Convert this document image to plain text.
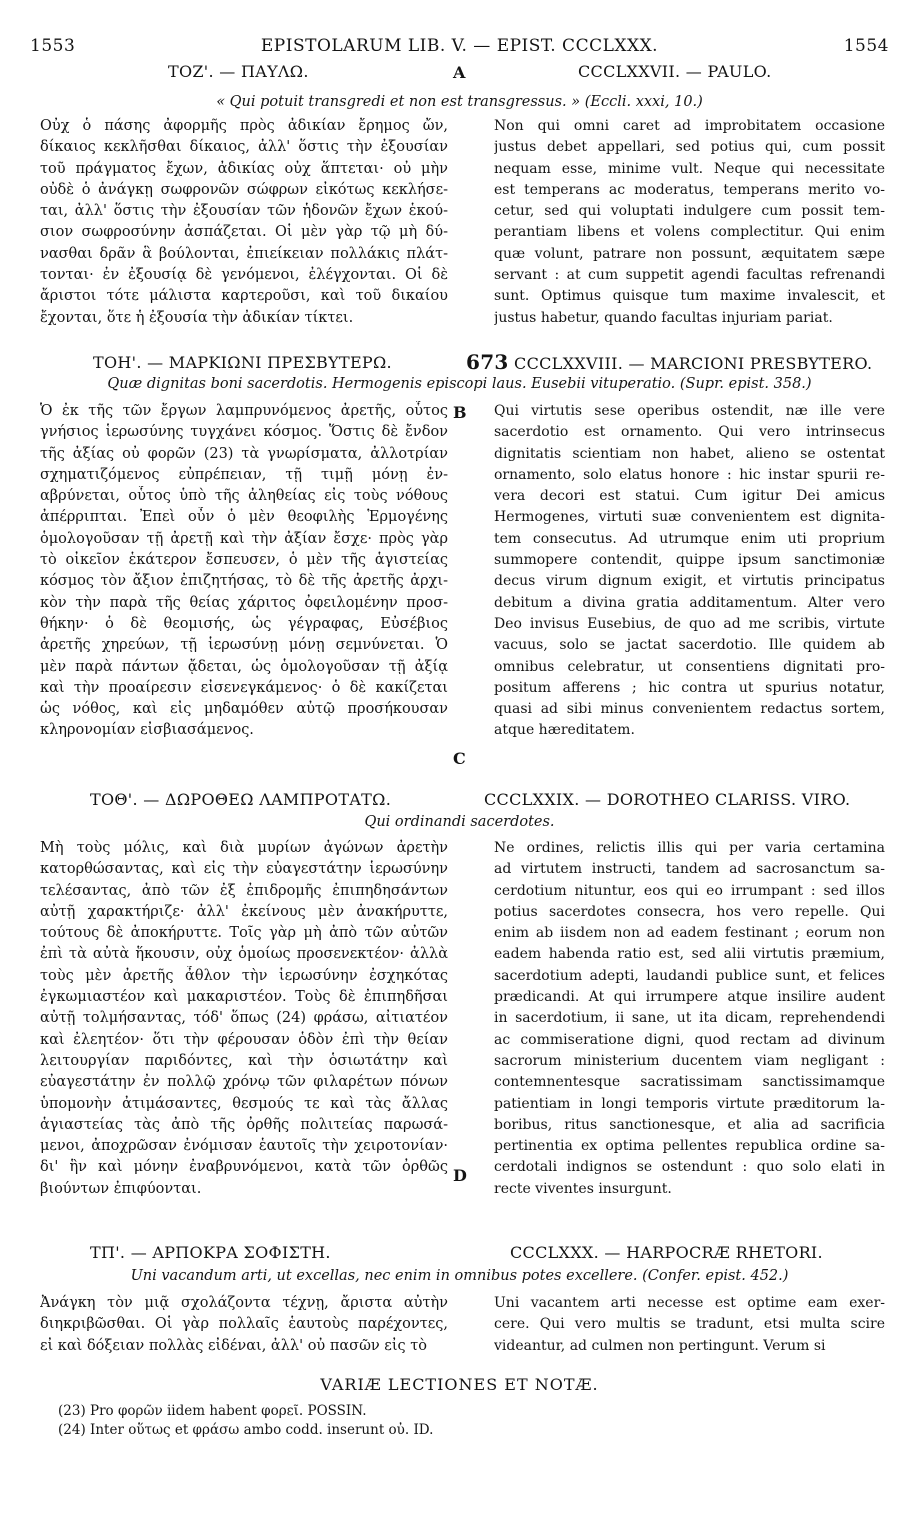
1553	EPISTOLARUM LIB. V. — EPIST. CCCLXXX.	1554
ΤΟΖ'. — ΠΑΥΛΩ.	A	CCCLXXVII. — PAULO.
« Qui potuit transgredi et non est transgressus. » (Eccli. xxxi, 10.)
Οὐχ ὁ πάσης ἀφορμῆς πρὸς ἀδικίαν ἔρημος ὤν,
δίκαιος κεκλῆσθαι δίκαιος, ἀλλ' ὅστις τὴν ἐξουσίαν
τοῦ πράγματος ἔχων, ἀδικίας οὐχ ἅπτεται· οὐ μὴν
οὐδὲ ὁ ἀνάγκῃ σωφρονῶν σώφρων εἰκότως κεκλήσε-
ται, ἀλλ' ὅστις τὴν ἐξουσίαν τῶν ἡδονῶν ἔχων ἑκού-
σιον σωφροσύνην ἀσπάζεται. Οἱ μὲν γὰρ τῷ μὴ δύ-
νασθαι δρᾶν ἃ βούλονται, ἐπιείκειαν πολλάκις πλάτ-
τονται· ἐν ἐξουσίᾳ δὲ γενόμενοι, ἐλέγχονται. Οἱ δὲ
ἄριστοι τότε μάλιστα καρτεροῦσι, καὶ τοῦ δικαίου
ἔχονται, ὅτε ἡ ἐξουσία τὴν ἀδικίαν τίκτει.
Non qui omni caret ad improbitatem occasione
justus debet appellari, sed potius qui, cum possit
nequam esse, minime vult. Neque qui necessitate
est temperans ac moderatus, temperans merito vo-
cetur, sed qui voluptati indulgere cum possit tem-
perantiam libens et volens complectitur. Qui enim
quæ volunt, patrare non possunt, æquitatem sæpe
servant : at cum suppetit agendi facultas refrenandi
sunt. Optimus quisque tum maxime invalescit, et
justus habetur, quando facultas injuriam pariat.
ΤΟΗ'. — ΜΑΡΚΙΩΝΙ ΠΡΕΣΒΥΤΕΡΩ.	673 CCCLXXVIII. — MARCIONI PRESBYTERO.
Quæ dignitas boni sacerdotis. Hermogenis episcopi laus. Eusebii vituperatio. (Supr. epist. 358.)
B
Ὁ ἐκ τῆς τῶν ἔργων λαμπρυνόμενος ἀρετῆς, οὗτος
γνήσιος ἱερωσύνης τυγχάνει κόσμος. Ὅστις δὲ ἔνδον
τῆς ἀξίας οὐ φορῶν (23) τὰ γνωρίσματα, ἀλλοτρίαν
σχηματιζόμενος εὐπρέπειαν, τῇ τιμῇ μόνῃ ἐν-
αβρύνεται, οὗτος ὑπὸ τῆς ἀληθείας εἰς τοὺς νόθους
ἀπέρριπται. Ἐπεὶ οὖν ὁ μὲν θεοφιλὴς Ἑρμογένης
ὁμολογοῦσαν τῇ ἀρετῇ καὶ τὴν ἀξίαν ἔσχε· πρὸς γὰρ
τὸ οἰκεῖον ἑκάτερον ἔσπευσεν, ὁ μὲν τῆς ἁγιστείας
κόσμος τὸν ἄξιον ἐπιζητήσας, τὸ δὲ τῆς ἀρετῆς ἀρχι-
κὸν τὴν παρὰ τῆς θείας χάριτος ὀφειλομένην προσ-
θήκην· ὁ δὲ θεομισής, ὡς γέγραφας, Εὐσέβιος
ἀρετῆς χηρεύων, τῇ ἱερωσύνῃ μόνῃ σεμνύνεται. Ὁ
μὲν παρὰ πάντων ᾄδεται, ὡς ὁμολογοῦσαν τῇ ἀξίᾳ
καὶ τὴν προαίρεσιν εἰσενεγκάμενος· ὁ δὲ κακίζεται
ὡς νόθος, καὶ εἰς μηδαμόθεν αὐτῷ προσήκουσαν
κληρονομίαν εἰσβιασάμενος.
Qui virtutis sese operibus ostendit, næ ille vere
sacerdotio est ornamento. Qui vero intrinsecus
dignitatis scientiam non habet, alieno se ostentat
ornamento, solo elatus honore : hic instar spurii re-
vera decori est statui. Cum igitur Dei amicus
Hermogenes, virtuti suæ convenientem est dignita-
tem consecutus. Ad utrumque enim uti proprium
summopere contendit, quippe ipsum sanctimoniæ
decus virum dignum exigit, et virtutis principatus
debitum a divina gratia additamentum. Alter vero
Deo invisus Eusebius, de quo ad me scribis, virtute
vacuus, solo se jactat sacerdotio. Ille quidem ab
omnibus celebratur, ut consentiens dignitati pro-
positum afferens ; hic contra ut spurius notatur,
quasi ad sibi minus convenientem redactus sortem,
atque hæreditatem.
C
ΤΟΘ'. — ΔΩΡΟΘΕΩ ΛΑΜΠΡΟΤΑΤΩ.	CCCLXXIX. — DOROTHEO CLARISS. VIRO.
Qui ordinandi sacerdotes.
Μὴ τοὺς μόλις, καὶ διὰ μυρίων ἀγώνων ἀρετὴν
κατορθώσαντας, καὶ εἰς τὴν εὐαγεστάτην ἱερωσύνην
τελέσαντας, ἀπὸ τῶν ἐξ ἐπιδρομῆς ἐπιπηδησάντων
αὐτῇ χαρακτήριζε· ἀλλ' ἐκείνους μὲν ἀνακήρυττε,
τούτους δὲ ἀποκήρυττε. Τοῖς γὰρ μὴ ἀπὸ τῶν αὐτῶν
ἐπὶ τὰ αὐτὰ ἥκουσιν, οὐχ ὁμοίως προσενεκτέον· ἀλλὰ
τοὺς μὲν ἀρετῆς ἆθλον τὴν ἱερωσύνην ἐσχηκότας
ἐγκωμιαστέον καὶ μακαριστέον. Τοὺς δὲ ἐπιπηδῆσαι
αὐτῇ τολμήσαντας, τόδ' ὅπως (24) φράσω, αἰτιατέον
καὶ ἐλεητέον· ὅτι τὴν φέρουσαν ὁδὸν ἐπὶ τὴν θείαν
λειτουργίαν παριδόντες, καὶ τὴν ὁσιωτάτην καὶ
εὐαγεστάτην ἐν πολλῷ χρόνῳ τῶν φιλαρέτων πόνων
ὑπομονὴν ἀτιμάσαντες, θεσμούς τε καὶ τὰς ἄλλας
ἁγιαστείας τὰς ἀπὸ τῆς ὀρθῆς πολιτείας παρωσά-
μενοι, ἀποχρῶσαν ἐνόμισαν ἑαυτοῖς τὴν χειροτονίαν·
δι' ἣν καὶ μόνην ἐναβρυνόμενοι, κατὰ τῶν ὀρθῶς
βιούντων ἐπιφύονται.
Ne ordines, relictis illis qui per varia certamina
ad virtutem instructi, tandem ad sacrosanctum sa-
cerdotium nituntur, eos qui eo irrumpant : sed illos
potius sacerdotes consecra, hos vero repelle. Qui
enim ab iisdem non ad eadem festinant ; eorum non
eadem habenda ratio est, sed alii virtutis præmium,
sacerdotium adepti, laudandi publice sunt, et felices
prædicandi. At qui irrumpere atque insilire audent
in sacerdotium, ii sane, ut ita dicam, reprehendendi
ac commiseratione digni, quod rectam ad divinum
sacrorum ministerium ducentem viam negligant :
contemnentesque sacratissimam sanctissimamque
patientiam in longi temporis virtute præditorum la-
boribus, ritus sanctionesque, et alia ad sacrificia
pertinentia ex optima pellentes republica ordine sa-
cerdotali indignos se ostendunt : quo solo elati in
recte viventes insurgunt.
D
ΤΠ'. — ΑΡΠΟΚΡΑ ΣΟΦΙΣΤΗ.	CCCLXXX. — HARPOCRÆ RHETORI.
Uni vacandum arti, ut excellas, nec enim in omnibus potes excellere. (Confer. epist. 452.)
Ἀνάγκη τὸν μιᾷ σχολάζοντα τέχνῃ, ἄριστα αὐτὴν
διηκριβῶσθαι. Οἱ γὰρ πολλαῖς ἑαυτοὺς παρέχοντες,
εἰ καὶ δόξειαν πολλὰς εἰδέναι, ἀλλ' οὐ πασῶν εἰς τὸ
Uni vacantem arti necesse est optime eam exer-
cere. Qui vero multis se tradunt, etsi multa scire
videantur, ad culmen non pertingunt. Verum si
VARIÆ LECTIONES ET NOTÆ.
(23) Pro φορῶν iidem habent φορεῖ. POSSIN.
(24) Inter οὕτως et φράσω ambo codd. inserunt οὐ. ID.
